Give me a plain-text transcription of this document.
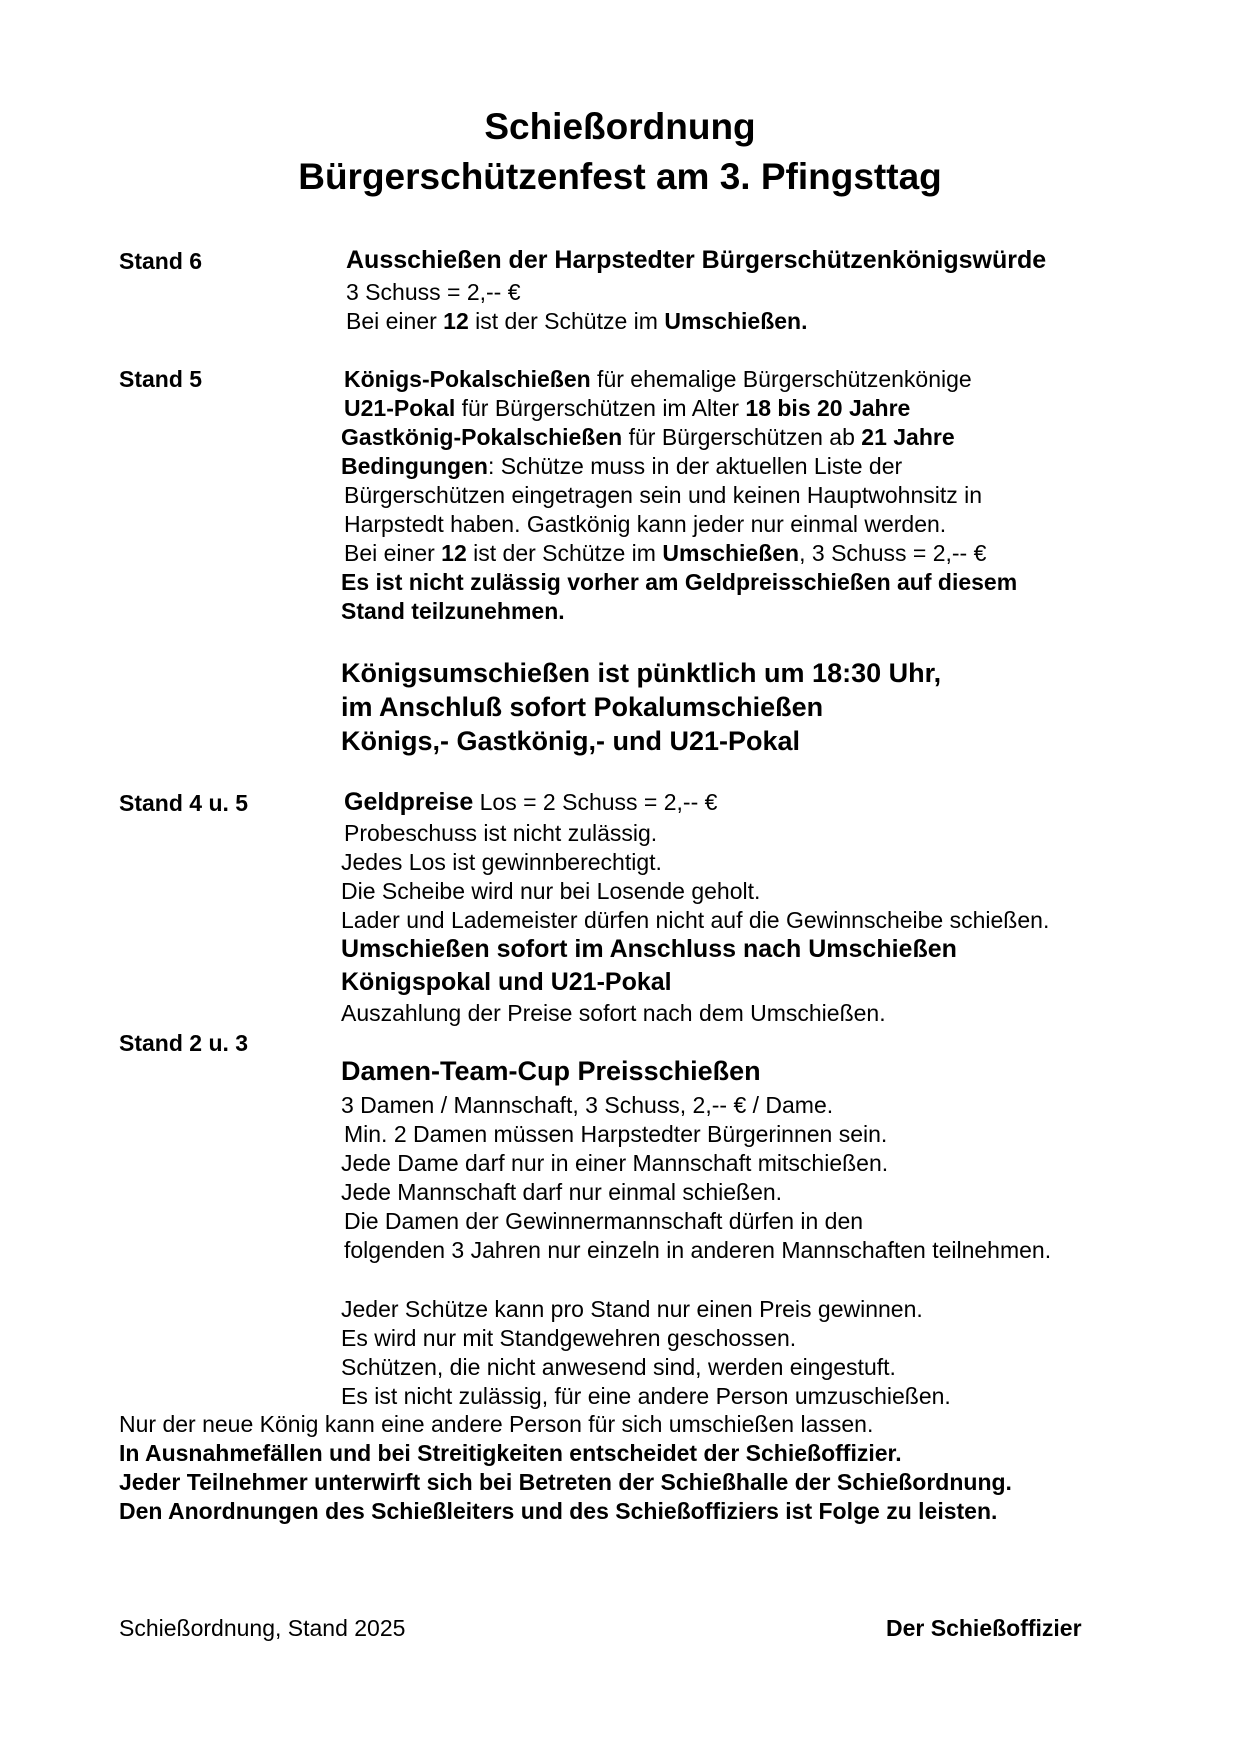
Schießordnung
Bürgerschützenfest am 3. Pfingsttag
Stand 6	Ausschießen der Harpstedter Bürgerschützenkönigswürde
3 Schuss = 2,-- €
Bei einer 12 ist der Schütze im Umschießen.
Stand 5	Königs-Pokalschießen für ehemalige Bürgerschützenkönige
U21-Pokal für Bürgerschützen im Alter 18 bis 20 Jahre
Gastkönig-Pokalschießen für Bürgerschützen ab 21 Jahre
Bedingungen: Schütze muss in der aktuellen Liste der
Bürgerschützen eingetragen sein und keinen Hauptwohnsitz in
Harpstedt haben. Gastkönig kann jeder nur einmal werden.
Bei einer 12 ist der Schütze im Umschießen, 3 Schuss = 2,-- €
Es ist nicht zulässig vorher am Geldpreisschießen auf diesem
Stand teilzunehmen.
Königsumschießen ist pünktlich um 18:30 Uhr,
im Anschluß sofort Pokalumschießen
Königs,- Gastkönig,- und U21-Pokal
Stand 4 u. 5	Geldpreise Los = 2 Schuss = 2,-- €
Probeschuss ist nicht zulässig.
Jedes Los ist gewinnberechtigt.
Die Scheibe wird nur bei Losende geholt.
Lader und Lademeister dürfen nicht auf die Gewinnscheibe schießen.
Umschießen sofort im Anschluss nach Umschießen
Königspokal und U21-Pokal
Auszahlung der Preise sofort nach dem Umschießen.
Stand 2 u. 3
Damen-Team-Cup Preisschießen
3 Damen / Mannschaft, 3 Schuss, 2,-- € / Dame.
Min. 2 Damen müssen Harpstedter Bürgerinnen sein.
Jede Dame darf nur in einer Mannschaft mitschießen.
Jede Mannschaft darf nur einmal schießen.
Die Damen der Gewinnermannschaft dürfen in den
folgenden 3 Jahren nur einzeln in anderen Mannschaften teilnehmen.
Jeder Schütze kann pro Stand nur einen Preis gewinnen.
Es wird nur mit Standgewehren geschossen.
Schützen, die nicht anwesend sind, werden eingestuft.
Es ist nicht zulässig, für eine andere Person umzuschießen.
Nur der neue König kann eine andere Person für sich umschießen lassen.
In Ausnahmefällen und bei Streitigkeiten entscheidet der Schießoffizier.
Jeder Teilnehmer unterwirft sich bei Betreten der Schießhalle der Schießordnung.
Den Anordnungen des Schießleiters und des Schießoffiziers ist Folge zu leisten.
Schießordnung, Stand 2025	Der Schießoffizier
